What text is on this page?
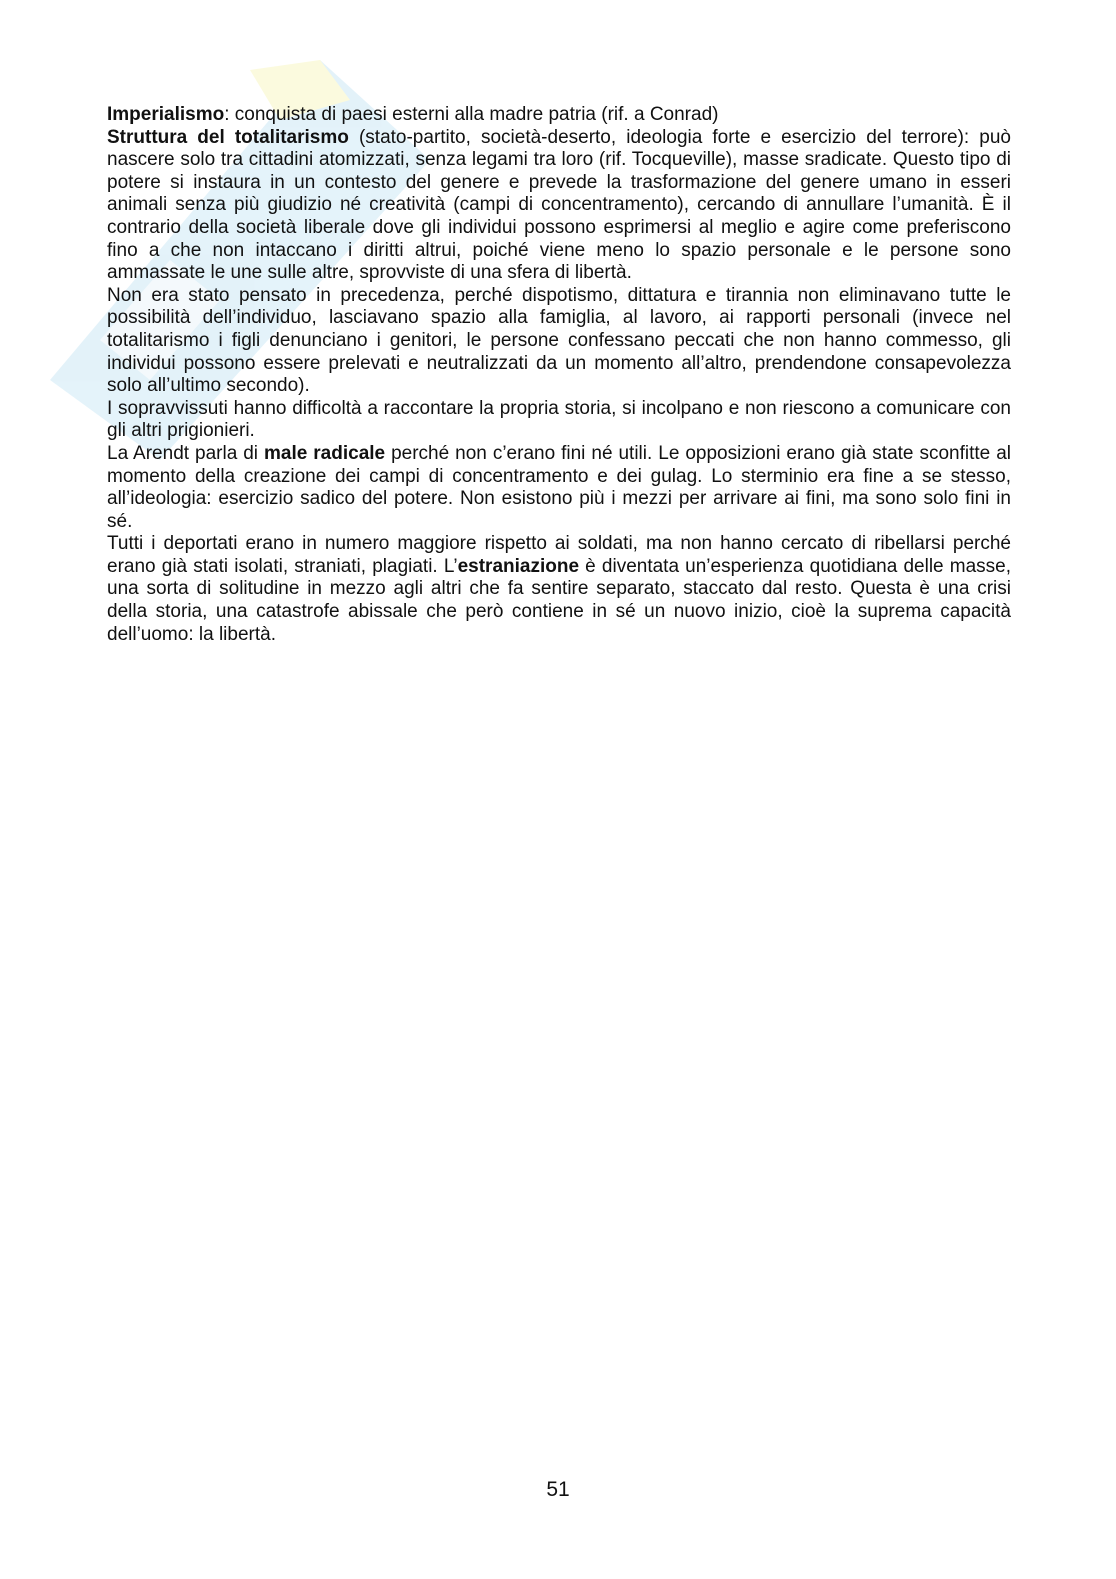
Imperialismo: conquista di paesi esterni alla madre patria (rif. a Conrad)

Struttura del totalitarismo (stato-partito, società-deserto, ideologia forte e esercizio del terrore): può nascere solo tra cittadini atomizzati, senza legami tra loro (rif. Tocqueville), masse sradicate. Questo tipo di potere si instaura in un contesto del genere e prevede la trasformazione del genere umano in esseri animali senza più giudizio né creatività (campi di concentramento), cercando di annullare l’umanità. È il contrario della società liberale dove gli individui possono esprimersi al meglio e agire come preferiscono fino a che non intaccano i diritti altrui, poiché viene meno lo spazio personale e le persone sono ammassate le une sulle altre, sprovviste di una sfera di libertà.

Non era stato pensato in precedenza, perché dispotismo, dittatura e tirannia non eliminavano tutte le possibilità dell’individuo, lasciavano spazio alla famiglia, al lavoro, ai rapporti personali (invece nel totalitarismo i figli denunciano i genitori, le persone confessano peccati che non hanno commesso, gli individui possono essere prelevati e neutralizzati da un momento all’altro, prendendone consapevolezza solo all’ultimo secondo).

I sopravvissuti hanno difficoltà a raccontare la propria storia, si incolpano e non riescono a comunicare con gli altri prigionieri.

La Arendt parla di male radicale perché non c’erano fini né utili. Le opposizioni erano già state sconfitte al momento della creazione dei campi di concentramento e dei gulag. Lo sterminio era fine a se stesso, all’ideologia: esercizio sadico del potere. Non esistono più i mezzi per arrivare ai fini, ma sono solo fini in sé.

Tutti i deportati erano in numero maggiore rispetto ai soldati, ma non hanno cercato di ribellarsi perché erano già stati isolati, straniati, plagiati. L’estraniazione è diventata un’esperienza quotidiana delle masse, una sorta di solitudine in mezzo agli altri che fa sentire separato, staccato dal resto. Questa è una crisi della storia, una catastrofe abissale che però contiene in sé un nuovo inizio, cioè la suprema capacità dell’uomo: la libertà.

51
